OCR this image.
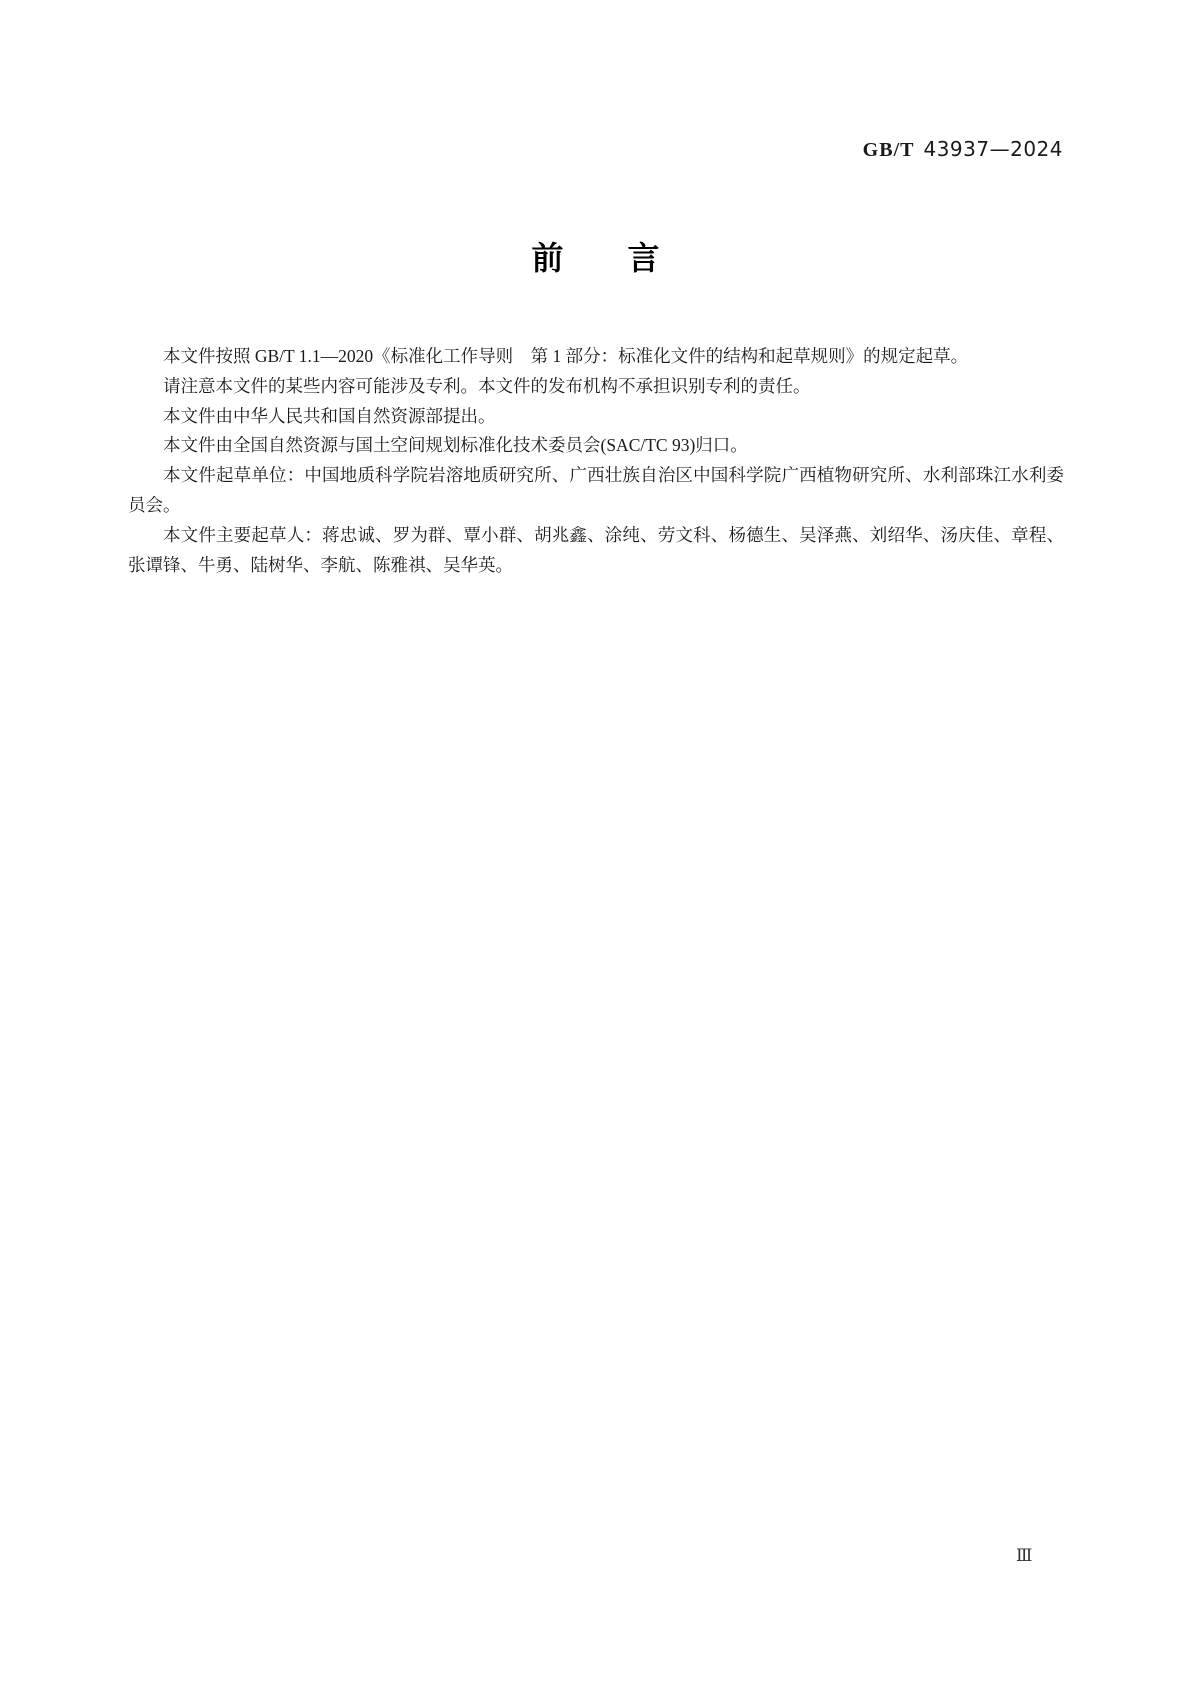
GB/T 43937—2024
前　　言

本文件按照 GB/T 1.1—2020《标准化工作导则　第 1 部分：标准化文件的结构和起草规则》的规定起草。

请注意本文件的某些内容可能涉及专利。本文件的发布机构不承担识别专利的责任。

本文件由中华人民共和国自然资源部提出。

本文件由全国自然资源与国土空间规划标准化技术委员会(SAC/TC 93)归口。

本文件起草单位：中国地质科学院岩溶地质研究所、广西壮族自治区中国科学院广西植物研究所、水利部珠江水利委员会。

本文件主要起草人：蒋忠诚、罗为群、覃小群、胡兆鑫、涂纯、劳文科、杨德生、吴泽燕、刘绍华、汤庆佳、章程、张谭锋、牛勇、陆树华、李航、陈雅祺、吴华英。

Ⅲ
